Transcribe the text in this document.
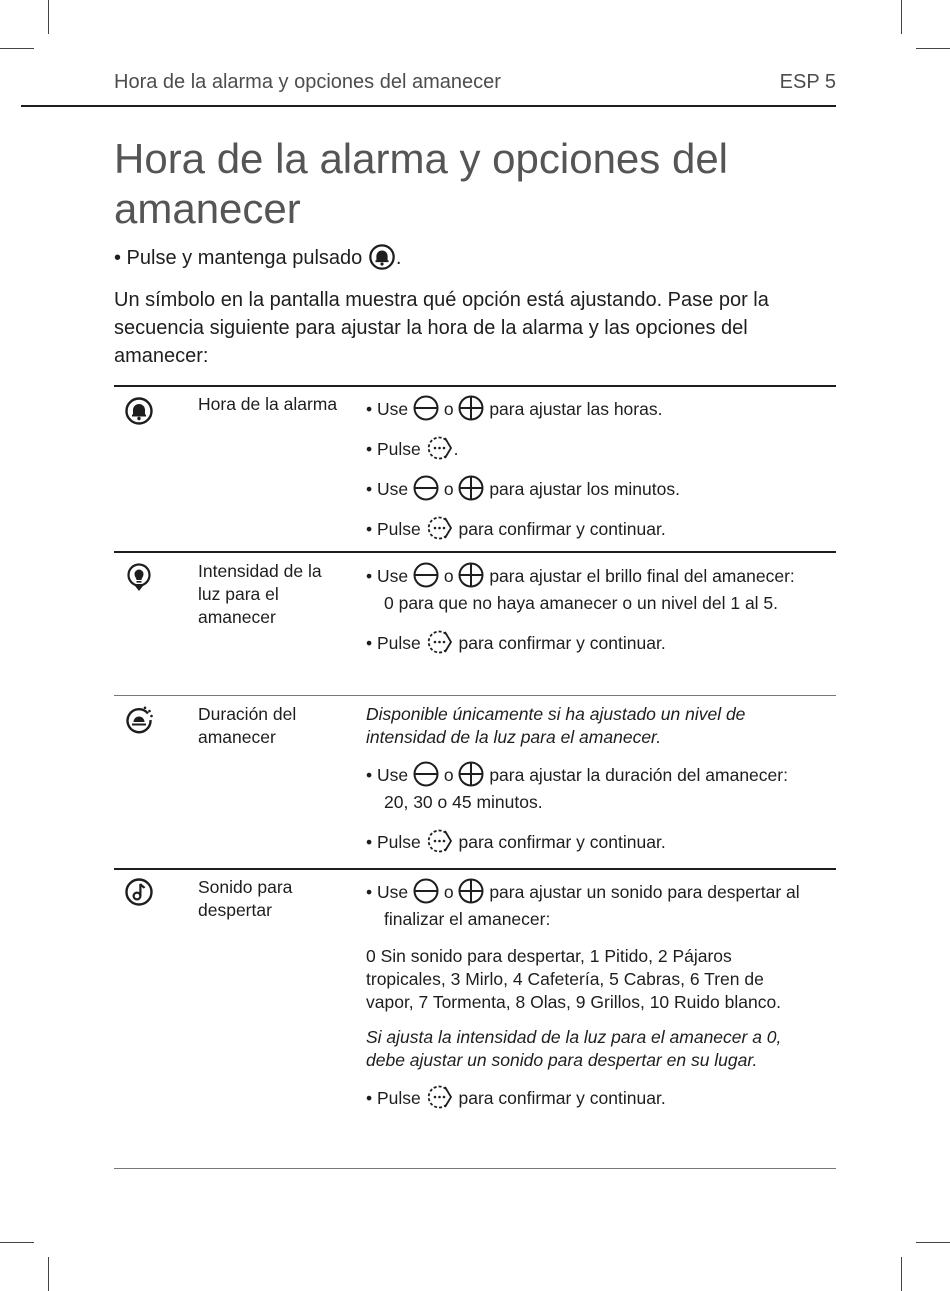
Hora de la alarma y opciones del amanecer	ESP 5
Hora de la alarma y opciones del amanecer
• Pulse y mantenga pulsado .
Un símbolo en la pantalla muestra qué opción está ajustando. Pase por la secuencia siguiente para ajustar la hora de la alarma y las opciones del amanecer:
Hora de la alarma • Use  o  para ajustar las horas.

• Pulse .

• Use  o  para ajustar los minutos.

• Pulse  para confirmar y continuar.

Intensidad de la luz para el amanecer

• Use  o  para ajustar el brillo final del amanecer: 0 para que no haya amanecer o un nivel del 1 al 5.

• Pulse  para confirmar y continuar.

Duración del amanecer

Disponible únicamente si ha ajustado un nivel de intensidad de la luz para el amanecer.

• Use  o  para ajustar la duración del amanecer: 20, 30 o 45 minutos.

• Pulse  para confirmar y continuar.

Sonido para despertar

• Use  o  para ajustar un sonido para despertar al finalizar el amanecer:

0 Sin sonido para despertar, 1 Pitido, 2 Pájaros tropicales, 3 Mirlo, 4 Cafetería, 5 Cabras, 6 Tren de vapor, 7 Tormenta, 8 Olas, 9 Grillos, 10 Ruido blanco.

Si ajusta la intensidad de la luz para el amanecer a 0, debe ajustar un sonido para despertar en su lugar.

• Pulse  para confirmar y continuar.
